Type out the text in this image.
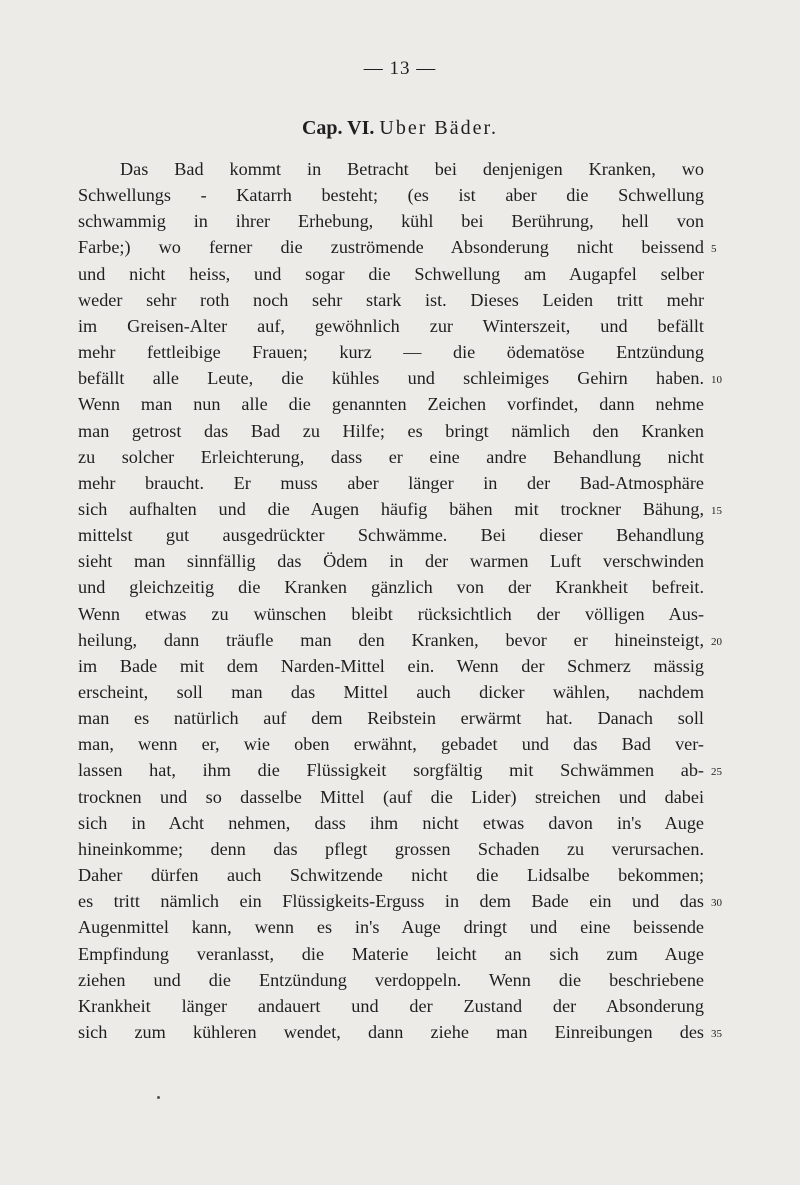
— 13 —
Cap. VI. Uber Bäder.
Das Bad kommt in Betracht bei denjenigen Kranken, wo
Schwellungs - Katarrh besteht; (es ist aber die Schwellung
schwammig in ihrer Erhebung, kühl bei Berührung, hell von
Farbe;) wo ferner die zuströmende Absonderung nicht beissend
und nicht heiss, und sogar die Schwellung am Augapfel selber
weder sehr roth noch sehr stark ist. Dieses Leiden tritt mehr
im Greisen-Alter auf, gewöhnlich zur Winterszeit, und befällt
mehr fettleibige Frauen; kurz — die ödematöse Entzündung
befällt alle Leute, die kühles und schleimiges Gehirn haben.
Wenn man nun alle die genannten Zeichen vorfindet, dann nehme
man getrost das Bad zu Hilfe; es bringt nämlich den Kranken
zu solcher Erleichterung, dass er eine andre Behandlung nicht
mehr braucht. Er muss aber länger in der Bad-Atmosphäre
sich aufhalten und die Augen häufig bähen mit trockner Bähung,
mittelst gut ausgedrückter Schwämme. Bei dieser Behandlung
sieht man sinnfällig das Ödem in der warmen Luft verschwinden
und gleichzeitig die Kranken gänzlich von der Krankheit befreit.
Wenn etwas zu wünschen bleibt rücksichtlich der völligen Aus-
heilung, dann träufle man den Kranken, bevor er hineinsteigt,
im Bade mit dem Narden-Mittel ein. Wenn der Schmerz mässig
erscheint, soll man das Mittel auch dicker wählen, nachdem
man es natürlich auf dem Reibstein erwärmt hat. Danach soll
man, wenn er, wie oben erwähnt, gebadet und das Bad ver-
lassen hat, ihm die Flüssigkeit sorgfältig mit Schwämmen ab-
trocknen und so dasselbe Mittel (auf die Lider) streichen und dabei
sich in Acht nehmen, dass ihm nicht etwas davon in's Auge
hineinkomme; denn das pflegt grossen Schaden zu verursachen.
Daher dürfen auch Schwitzende nicht die Lidsalbe bekommen;
es tritt nämlich ein Flüssigkeits-Erguss in dem Bade ein und das
Augenmittel kann, wenn es in's Auge dringt und eine beissende
Empfindung veranlasst, die Materie leicht an sich zum Auge
ziehen und die Entzündung verdoppeln. Wenn die beschriebene
Krankheit länger andauert und der Zustand der Absonderung
sich zum kühleren wendet, dann ziehe man Einreibungen des
5
10
15
20
25
30
35
